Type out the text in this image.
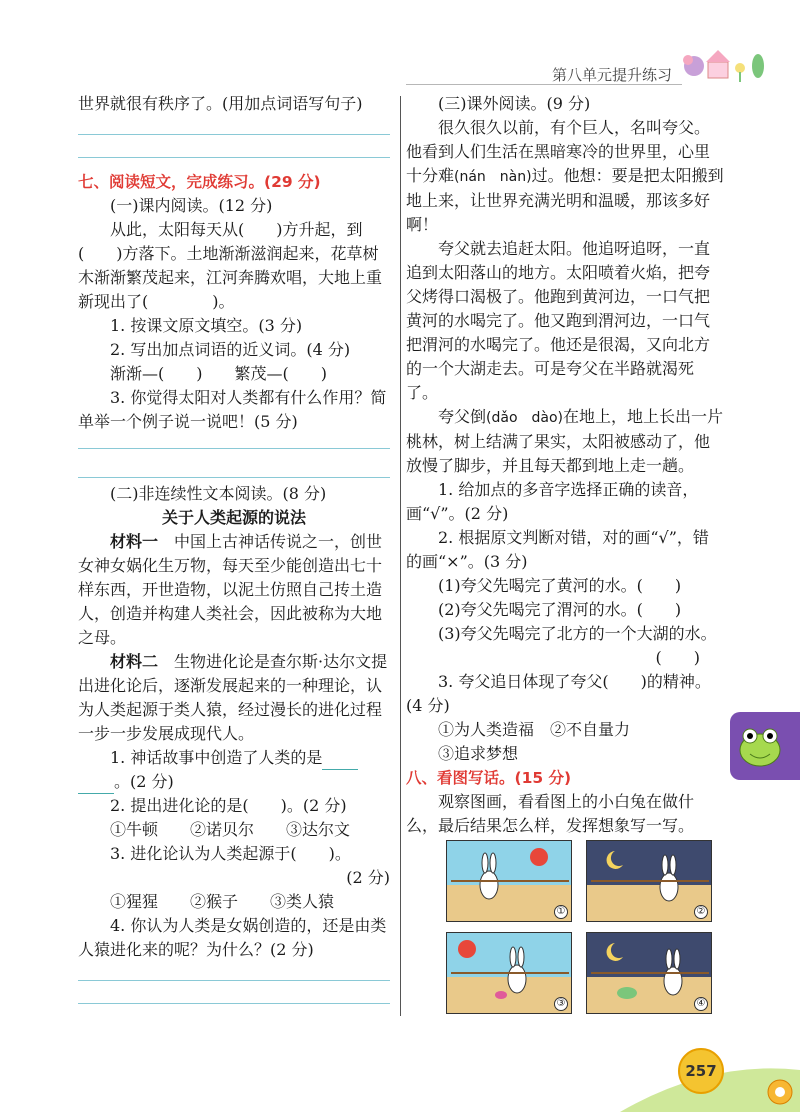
第八单元提升练习

世界就很有秩序了。(用加点词语写句子)

七、阅读短文，完成练习。(29 分)

(一)课内阅读。(12 分)

从此，太阳每天从(　　)方升起，到(　　)方落下。土地渐渐滋润起来，花草树木渐渐繁茂起来，江河奔腾欢唱，大地上重新现出了(　　　　)。

1. 按课文原文填空。(3 分)

2. 写出加点词语的近义词。(4 分)

渐渐—(　　)　　繁茂—(　　)

3. 你觉得太阳对人类都有什么作用？简单举一个例子说一说吧！(5 分)

(二)非连续性文本阅读。(8 分)

关于人类起源的说法

材料一　 中国上古神话传说之一，创世女神女娲化生万物，每天至少能创造出七十样东西，开世造物，以泥土仿照自己抟土造人，创造并构建人类社会，因此被称为大地之母。

材料二　 生物进化论是查尔斯·达尔文提出进化论后，逐渐发展起来的一种理论，认为人类起源于类人猿，经过漫长的进化过程一步一步发展成现代人。

1. 神话故事中创造了人类的是

。(2 分)

2. 提出进化论的是(　　)。(2 分)

①牛顿　　②诺贝尔　　③达尔文

3. 进化论认为人类起源于(　　)。

(2 分)

①猩猩　　②猴子　　③类人猿

4. 你认为人类是女娲创造的，还是由类人猿进化来的呢？为什么？(2 分)

(三)课外阅读。(9 分)

很久很久以前，有个巨人，名叫夸父。他看到人们生活在黑暗寒冷的世界里，心里十分难(nán　nàn)过。他想：要是把太阳搬到地上来，让世界充满光明和温暖，那该多好啊！

夸父就去追赶太阳。他追呀追呀，一直追到太阳落山的地方。太阳喷着火焰，把夸父烤得口渴极了。他跑到黄河边，一口气把黄河的水喝完了。他又跑到渭河边，一口气把渭河的水喝完了。他还是很渴，又向北方的一个大湖走去。可是夸父在半路就渴死了。

夸父倒(dǎo　dào)在地上，地上长出一片桃林，树上结满了果实，太阳被感动了，他放慢了脚步，并且每天都到地上走一趟。

1. 给加点的多音字选择正确的读音，画“√”。(2 分)

2. 根据原文判断对错，对的画“√”，错的画“×”。(3 分)

(1)夸父先喝完了黄河的水。(　　)

(2)夸父先喝完了渭河的水。(　　)

(3)夸父先喝完了北方的一个大湖的水。

(　　)

3. 夸父追日体现了夸父(　　)的精神。(4 分)

①为人类造福　②不自量力

③追求梦想

八、看图写话。(15 分)

观察图画，看看图上的小白兔在做什么，最后结果怎么样，发挥想象写一写。

①	②
③	④
257
